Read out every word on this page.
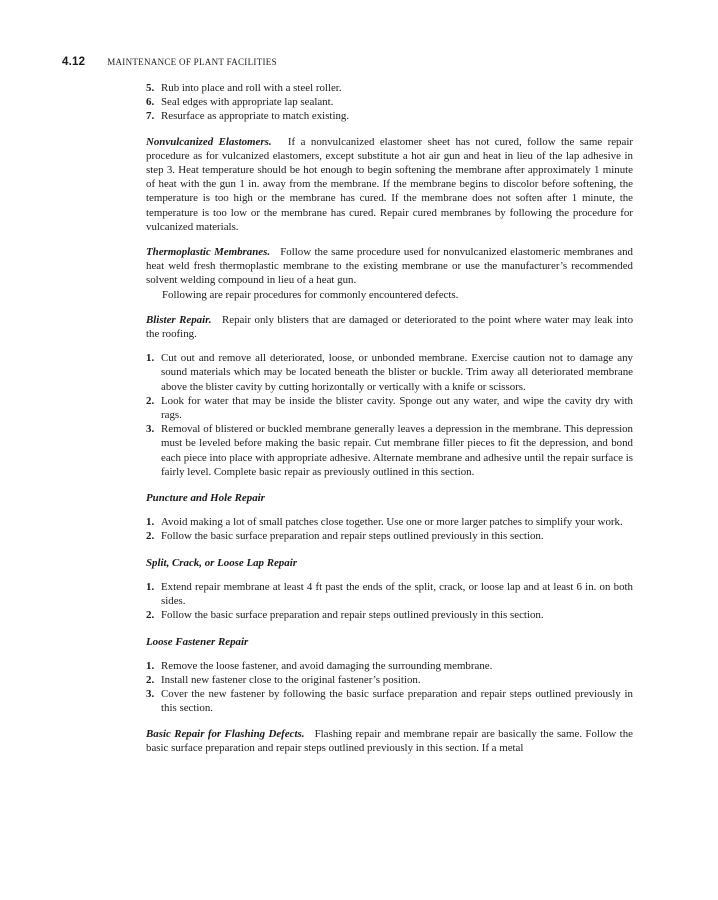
4.12 MAINTENANCE OF PLANT FACILITIES
5. Rub into place and roll with a steel roller.
6. Seal edges with appropriate lap sealant.
7. Resurface as appropriate to match existing.

Nonvulcanized Elastomers. If a nonvulcanized elastomer sheet has not cured, follow the same repair procedure as for vulcanized elastomers, except substitute a hot air gun and heat in lieu of the lap adhesive in step 3. Heat temperature should be hot enough to begin softening the membrane after approximately 1 minute of heat with the gun 1 in. away from the membrane. If the membrane begins to discolor before softening, the temperature is too high or the membrane has cured. If the membrane does not soften after 1 minute, the temperature is too low or the membrane has cured. Repair cured membranes by following the procedure for vulcanized materials.

Thermoplastic Membranes. Follow the same procedure used for nonvulcanized elastomeric membranes and heat weld fresh thermoplastic membrane to the existing membrane or use the manufacturer’s recommended solvent welding compound in lieu of a heat gun.

Following are repair procedures for commonly encountered defects.

Blister Repair. Repair only blisters that are damaged or deteriorated to the point where water may leak into the roofing.

1. Cut out and remove all deteriorated, loose, or unbonded membrane. Exercise caution not to damage any sound materials which may be located beneath the blister or buckle. Trim away all deteriorated membrane above the blister cavity by cutting horizontally or vertically with a knife or scissors.
2. Look for water that may be inside the blister cavity. Sponge out any water, and wipe the cavity dry with rags.
3. Removal of blistered or buckled membrane generally leaves a depression in the membrane. This depression must be leveled before making the basic repair. Cut membrane filler pieces to fit the depression, and bond each piece into place with appropriate adhesive. Alternate membrane and adhesive until the repair surface is fairly level. Complete basic repair as previously outlined in this section.

Puncture and Hole Repair

1. Avoid making a lot of small patches close together. Use one or more larger patches to simplify your work.
2. Follow the basic surface preparation and repair steps outlined previously in this section.

Split, Crack, or Loose Lap Repair

1. Extend repair membrane at least 4 ft past the ends of the split, crack, or loose lap and at least 6 in. on both sides.
2. Follow the basic surface preparation and repair steps outlined previously in this section.

Loose Fastener Repair

1. Remove the loose fastener, and avoid damaging the surrounding membrane.
2. Install new fastener close to the original fastener’s position.
3. Cover the new fastener by following the basic surface preparation and repair steps outlined previously in this section.

Basic Repair for Flashing Defects. Flashing repair and membrane repair are basically the same. Follow the basic surface preparation and repair steps outlined previously in this section. If a metal
